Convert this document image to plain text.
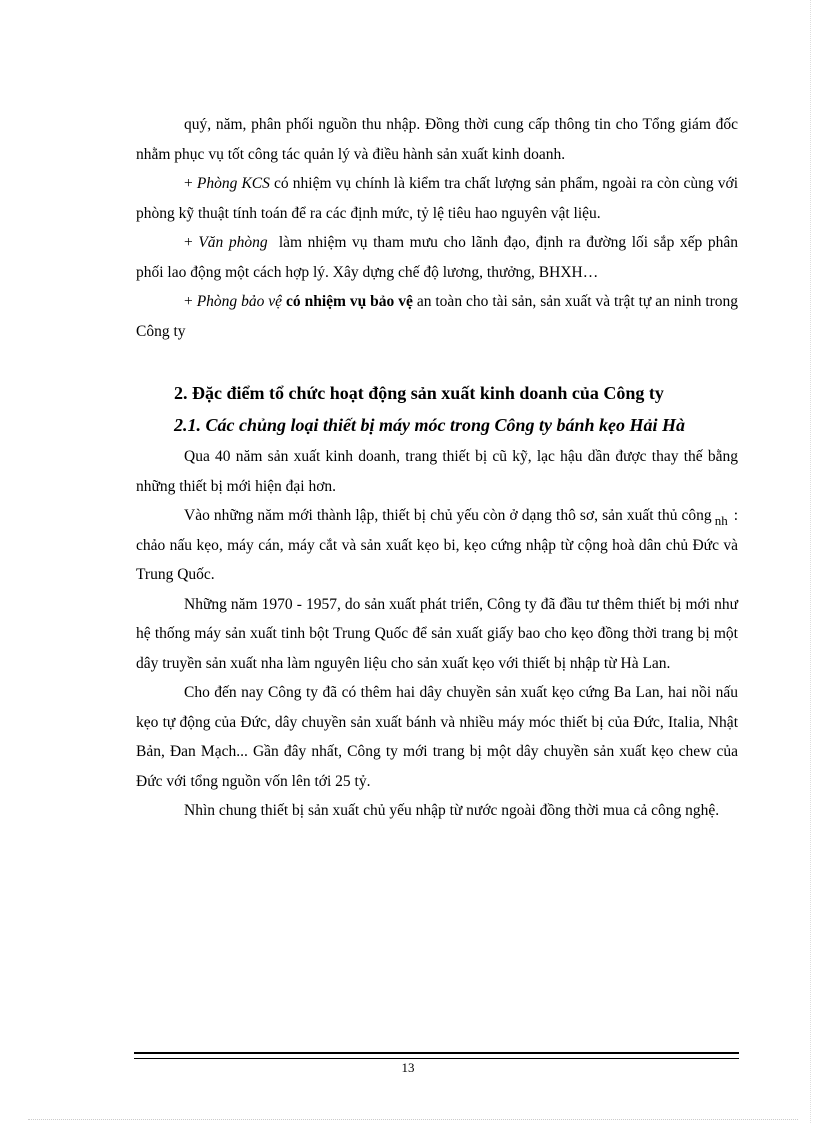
quý, năm, phân phối nguồn thu nhập. Đồng thời cung cấp thông tin cho Tổng giám đốc nhằm phục vụ tốt công tác quản lý và điều hành sản xuất kinh doanh.

+ Phòng KCS có nhiệm vụ chính là kiểm tra chất lượng sản phẩm, ngoài ra còn cùng với phòng kỹ thuật tính toán để ra các định mức, tỷ lệ tiêu hao nguyên vật liệu.

+ Văn phòng làm nhiệm vụ tham mưu cho lãnh đạo, định ra đường lối sắp xếp phân phối lao động một cách hợp lý. Xây dựng chế độ lương, thưởng, BHXH…

+ Phòng bảo vệ có nhiệm vụ bảo vệ an toàn cho tài sản, sản xuất và trật tự an ninh trong Công ty

2. Đặc điểm tổ chức hoạt động sản xuất kinh doanh của Công ty
2.1. Các chủng loại thiết bị máy móc trong Công ty bánh kẹo Hải Hà

Qua 40 năm sản xuất kinh doanh, trang thiết bị cũ kỹ, lạc hậu dần được thay thế bằng những thiết bị mới hiện đại hơn.

Vào những năm mới thành lập, thiết bị chủ yếu còn ở dạng thô sơ, sản xuất thủ công $_{nh}$ : chảo nấu kẹo, máy cán, máy cắt và sản xuất kẹo bi, kẹo cứng nhập từ cộng hoà dân chủ Đức và Trung Quốc.

Những năm 1970 - 1957, do sản xuất phát triển, Công ty đã đầu tư thêm thiết bị mới như hệ thống máy sản xuất tinh bột Trung Quốc để sản xuất giấy bao cho kẹo đồng thời trang bị một dây truyền sản xuất nha làm nguyên liệu cho sản xuất kẹo với thiết bị nhập từ Hà Lan.

Cho đến nay Công ty đã có thêm hai dây chuyền sản xuất kẹo cứng Ba Lan, hai nồi nấu kẹo tự động của Đức, dây chuyền sản xuất bánh và nhiều máy móc thiết bị của Đức, Italia, Nhật Bản, Đan Mạch... Gần đây nhất, Công ty mới trang bị một dây chuyền sản xuất kẹo chew của Đức với tổng nguồn vốn lên tới 25 tỷ.

Nhìn chung thiết bị sản xuất chủ yếu nhập từ nước ngoài đồng thời mua cả công nghệ.

13
